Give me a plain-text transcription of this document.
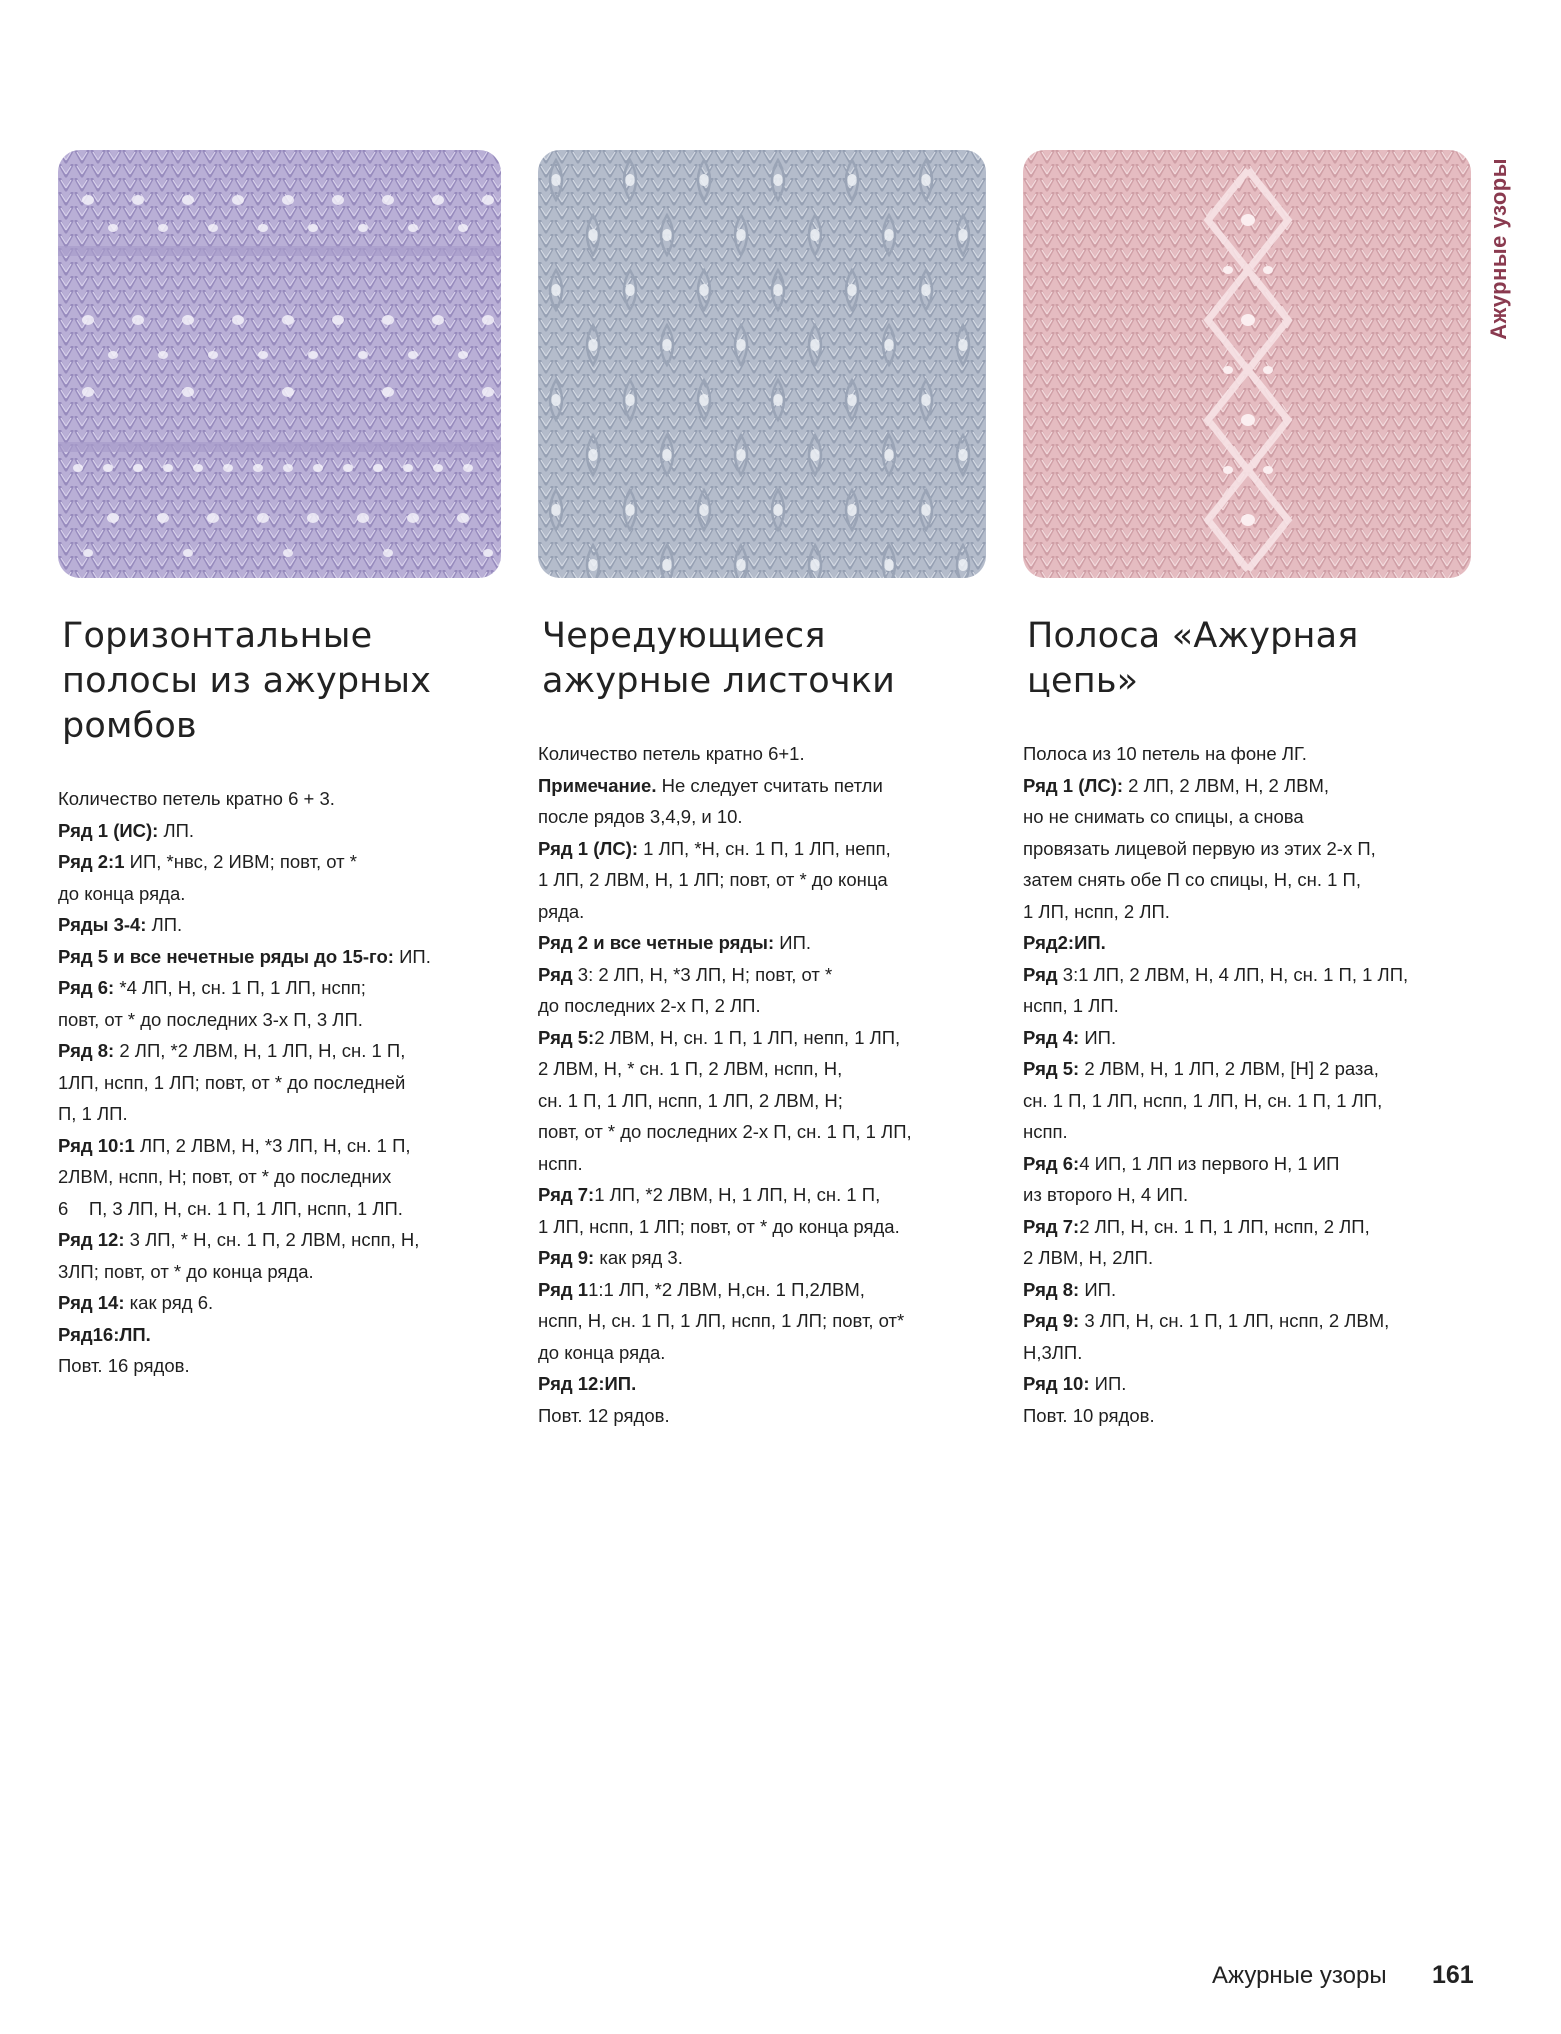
Ажурные узоры
Горизонтальные
полосы из ажурных
ромбов
Количество петель кратно 6 + 3.
Ряд 1 (ИС): ЛП.
Ряд 2:1 ИП, *нвс, 2 ИВМ; повт, от *
до конца ряда.
Ряды 3-4: ЛП.
Ряд 5 и все нечетные ряды до 15-го: ИП.
Ряд 6: *4 ЛП, Н, сн. 1 П, 1 ЛП, нспп;
повт, от * до последних 3-х П, 3 ЛП.
Ряд 8: 2 ЛП, *2 ЛВМ, Н, 1 ЛП, Н, сн. 1 П,
1ЛП, нспп, 1 ЛП; повт, от * до последней
П, 1 ЛП.
Ряд 10:1 ЛП, 2 ЛВМ, Н, *3 ЛП, Н, сн. 1 П,
2ЛВМ, нспп, Н; повт, от * до последних
6    П, 3 ЛП, Н, сн. 1 П, 1 ЛП, нспп, 1 ЛП.
Ряд 12: 3 ЛП, * Н, сн. 1 П, 2 ЛВМ, нспп, Н,
3ЛП; повт, от * до конца ряда.
Ряд 14: как ряд 6.
Ряд16:ЛП.
Повт. 16 рядов.
Чередующиеся
ажурные листочки
Количество петель кратно 6+1.
Примечание. Не следует считать петли
после рядов 3,4,9, и 10.
Ряд 1 (ЛС): 1 ЛП, *Н, сн. 1 П, 1 ЛП, непп,
1 ЛП, 2 ЛВМ, Н, 1 ЛП; повт, от * до конца
ряда.
Ряд 2 и все четные ряды: ИП.
Ряд 3: 2 ЛП, Н, *3 ЛП, Н; повт, от *
до последних 2-х П, 2 ЛП.
Ряд 5:2 ЛВМ, Н, сн. 1 П, 1 ЛП, непп, 1 ЛП,
2 ЛВМ, Н, * сн. 1 П, 2 ЛВМ, нспп, Н,
сн. 1 П, 1 ЛП, нспп, 1 ЛП, 2 ЛВМ, Н;
повт, от * до последних 2-х П, сн. 1 П, 1 ЛП,
нспп.
Ряд 7:1 ЛП, *2 ЛВМ, Н, 1 ЛП, Н, сн. 1 П,
1 ЛП, нспп, 1 ЛП; повт, от * до конца ряда.
Ряд 9: как ряд 3.
Ряд 11:1 ЛП, *2 ЛВМ, Н,сн. 1 П,2ЛВМ,
нспп, Н, сн. 1 П, 1 ЛП, нспп, 1 ЛП; повт, от*
до конца ряда.
Ряд 12:ИП.
Повт. 12 рядов.
Полоса «Ажурная
цепь»
Полоса из 10 петель на фоне ЛГ.
Ряд 1 (ЛС): 2 ЛП, 2 ЛВМ, Н, 2 ЛВМ,
но не снимать со спицы, а снова
провязать лицевой первую из этих 2-х П,
затем снять обе П со спицы, Н, сн. 1 П,
1 ЛП, нспп, 2 ЛП.
Ряд2:ИП.
Ряд 3:1 ЛП, 2 ЛВМ, Н, 4 ЛП, Н, сн. 1 П, 1 ЛП,
нспп, 1 ЛП.
Ряд 4: ИП.
Ряд 5: 2 ЛВМ, Н, 1 ЛП, 2 ЛВМ, [Н] 2 раза,
сн. 1 П, 1 ЛП, нспп, 1 ЛП, Н, сн. 1 П, 1 ЛП,
нспп.
Ряд 6:4 ИП, 1 ЛП из первого Н, 1 ИП
из второго Н, 4 ИП.
Ряд 7:2 ЛП, Н, сн. 1 П, 1 ЛП, нспп, 2 ЛП,
2 ЛВМ, Н, 2ЛП.
Ряд 8: ИП.
Ряд 9: 3 ЛП, Н, сн. 1 П, 1 ЛП, нспп, 2 ЛВМ,
Н,3ЛП.
Ряд 10: ИП.
Повт. 10 рядов.
Ажурные узоры 161
